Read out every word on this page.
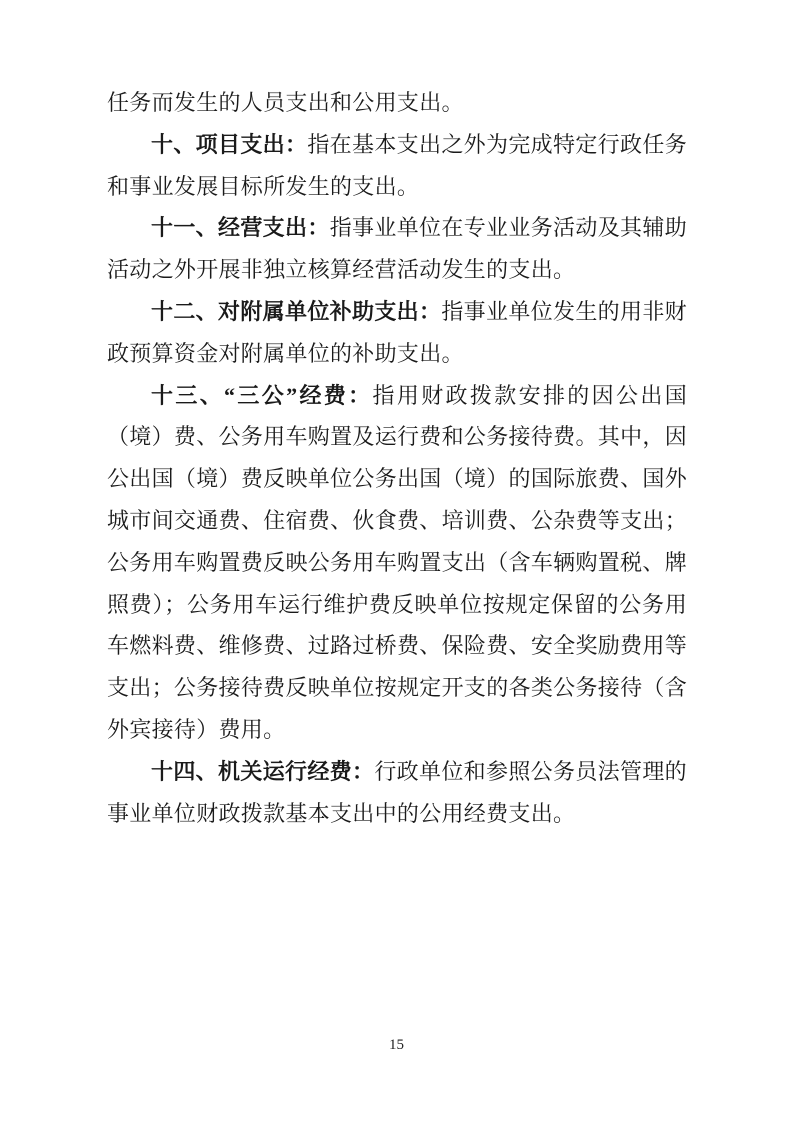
任务而发生的人员支出和公用支出。

十、项目支出：指在基本支出之外为完成特定行政任务和事业发展目标所发生的支出。

十一、经营支出：指事业单位在专业业务活动及其辅助活动之外开展非独立核算经营活动发生的支出。

十二、对附属单位补助支出：指事业单位发生的用非财政预算资金对附属单位的补助支出。

十三、“三公”经费：指用财政拨款安排的因公出国（境）费、公务用车购置及运行费和公务接待费。其中，因公出国（境）费反映单位公务出国（境）的国际旅费、国外城市间交通费、住宿费、伙食费、培训费、公杂费等支出；公务用车购置费反映公务用车购置支出（含车辆购置税、牌照费）；公务用车运行维护费反映单位按规定保留的公务用车燃料费、维修费、过路过桥费、保险费、安全奖励费用等支出；公务接待费反映单位按规定开支的各类公务接待（含外宾接待）费用。

十四、机关运行经费：行政单位和参照公务员法管理的事业单位财政拨款基本支出中的公用经费支出。

15
